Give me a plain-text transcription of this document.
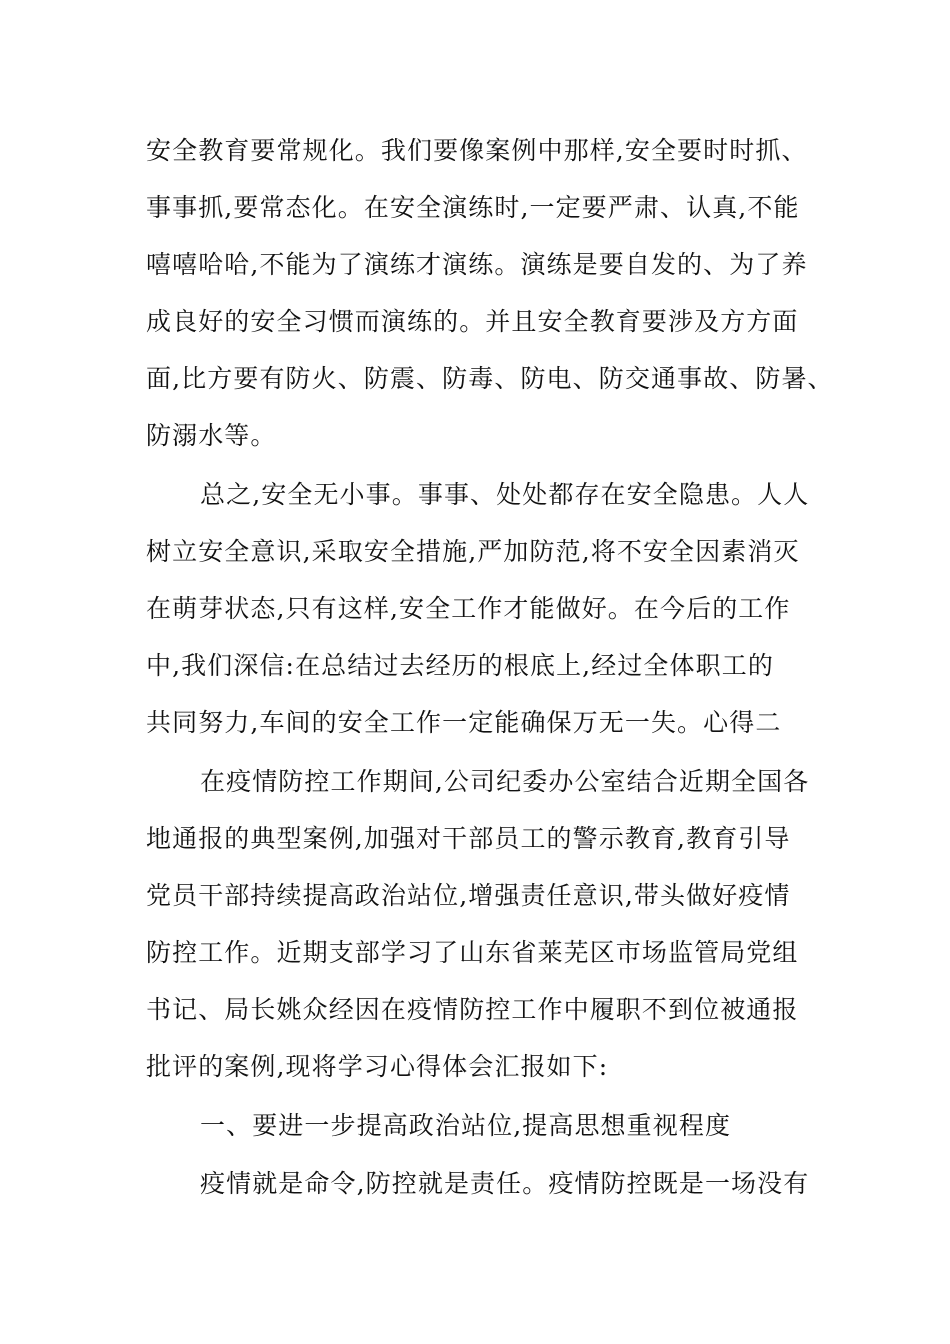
安全教育要常规化。我们要像案例中那样,安全要时时抓、
事事抓,要常态化。在安全演练时,一定要严肃、认真,不能
嘻嘻哈哈,不能为了演练才演练。演练是要自发的、为了养
成良好的安全习惯而演练的。并且安全教育要涉及方方面
面,比方要有防火、防震、防毒、防电、防交通事故、防暑、
防溺水等。
总之,安全无小事。事事、处处都存在安全隐患。人人
树立安全意识,采取安全措施,严加防范,将不安全因素消灭
在萌芽状态,只有这样,安全工作才能做好。在今后的工作
中,我们深信:在总结过去经历的根底上,经过全体职工的
共同努力,车间的安全工作一定能确保万无一失。心得二
在疫情防控工作期间,公司纪委办公室结合近期全国各
地通报的典型案例,加强对干部员工的警示教育,教育引导
党员干部持续提高政治站位,增强责任意识,带头做好疫情
防控工作。近期支部学习了山东省莱芜区市场监管局党组
书记、局长姚众经因在疫情防控工作中履职不到位被通报
批评的案例,现将学习心得体会汇报如下:
一、要进一步提高政治站位,提高思想重视程度
疫情就是命令,防控就是责任。疫情防控既是一场没有
